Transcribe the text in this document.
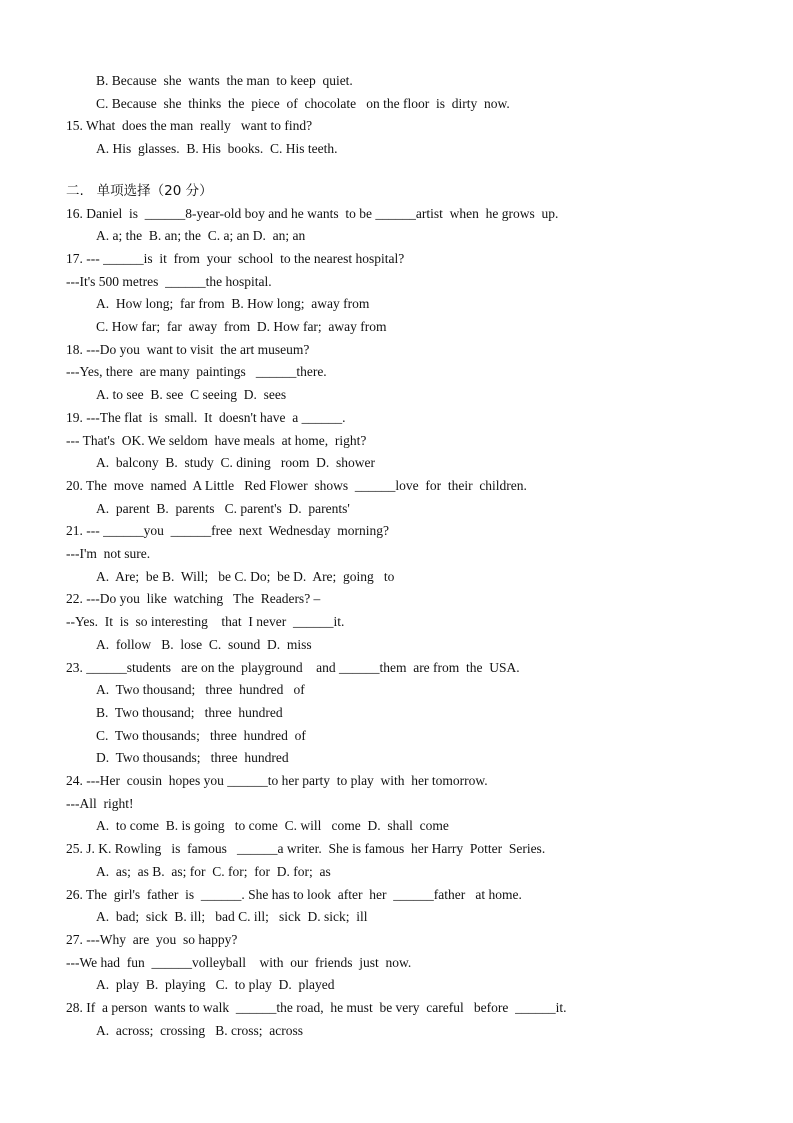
B. Because  she  wants  the man  to keep  quiet.
C. Because  she  thinks  the  piece  of  chocolate   on the floor  is  dirty  now.
15. What  does the man  really   want to find?
A. His  glasses.  B. His  books.  C. His teeth.
二.   单项选择（20 分）
16. Daniel  is  ______8-year-old boy and he wants  to be ______artist  when  he grows  up.
A. a; the  B. an; the  C. a; an D.  an; an
17. --- ______is  it  from  your  school  to the nearest hospital?
---It's 500 metres  ______the hospital.
A.  How long;  far from  B. How long;  away from
C. How far;  far  away  from  D. How far;  away from
18. ---Do you  want to visit  the art museum?
---Yes, there  are many  paintings   ______there.
A. to see  B. see  C seeing  D.  sees
19. ---The flat  is  small.  It  doesn't have  a ______.
--- That's  OK. We seldom  have meals  at home,  right?
A.  balcony  B.  study  C. dining   room  D.  shower
20. The  move  named  A Little   Red Flower  shows  ______love  for  their  children.
A.  parent  B.  parents   C. parent's  D.  parents'
21. --- ______you  ______free  next  Wednesday  morning?
---I'm  not sure.
A.  Are;  be B.  Will;   be C. Do;  be D.  Are;  going   to
22. ---Do you  like  watching   The  Readers? –
--Yes.  It  is  so interesting    that  I never  ______it.
A.  follow   B.  lose  C.  sound  D.  miss
23. ______students   are on the  playground    and ______them  are from  the  USA.
A.  Two thousand;   three  hundred   of
B.  Two thousand;   three  hundred
C.  Two thousands;   three  hundred  of
D.  Two thousands;   three  hundred
24. ---Her  cousin  hopes you ______to her party  to play  with  her tomorrow.
---All  right!
A.  to come  B. is going   to come  C. will   come  D.  shall  come
25. J. K. Rowling   is  famous   ______a writer.  She is famous  her Harry  Potter  Series.
A.  as;  as B.  as; for  C. for;  for  D. for;  as
26. The  girl's  father  is  ______. She has to look  after  her  ______father   at home.
A.  bad;  sick  B. ill;   bad C. ill;   sick  D. sick;  ill
27. ---Why  are  you  so happy?
---We had  fun  ______volleyball    with  our  friends  just  now.
A.  play  B.  playing   C.  to play  D.  played
28. If  a person  wants to walk  ______the road,  he must  be very  careful   before  ______it.
A.  across;  crossing   B. cross;  across
